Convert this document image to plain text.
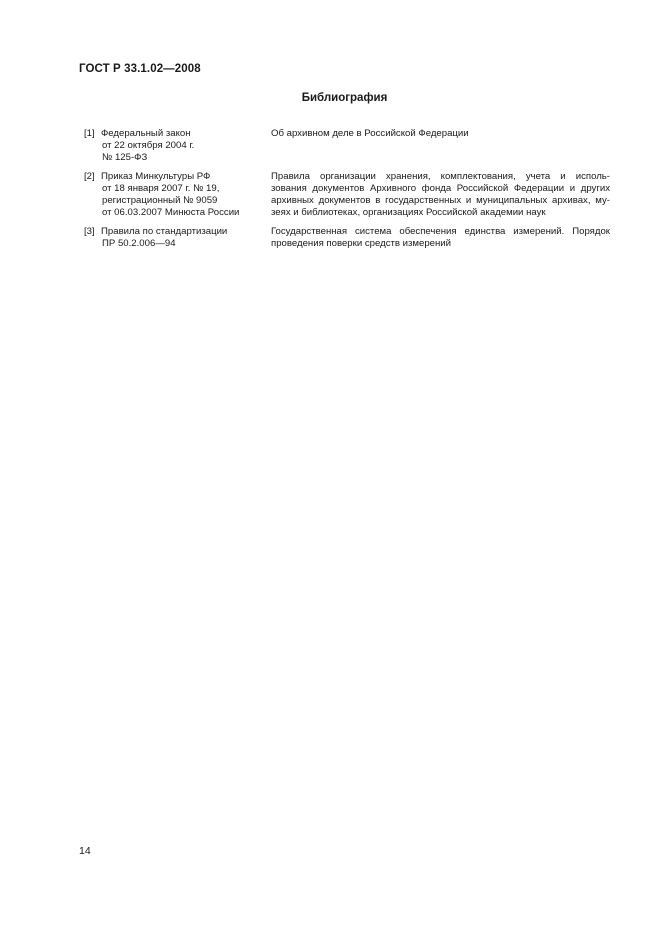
ГОСТ Р 33.1.02—2008
Библиография
[1] Федеральный закон
от 22 октября 2004 г.
№ 125-ФЗ
Об архивном деле в Российской Федерации
[2] Приказ Минкультуры РФ
от 18 января 2007 г. № 19,
регистрационный № 9059
от 06.03.2007 Минюста России
Правила организации хранения, комплектования, учета и исполь-
зования документов Архивного фонда Российской Федерации и других
архивных документов в государственных и муниципальных архивах, му-
зеях и библиотеках, организациях Российской академии наук
[3] Правила по стандартизации
ПР 50.2.006—94
Государственная система обеспечения единства измерений. Порядок
проведения поверки средств измерений
14
